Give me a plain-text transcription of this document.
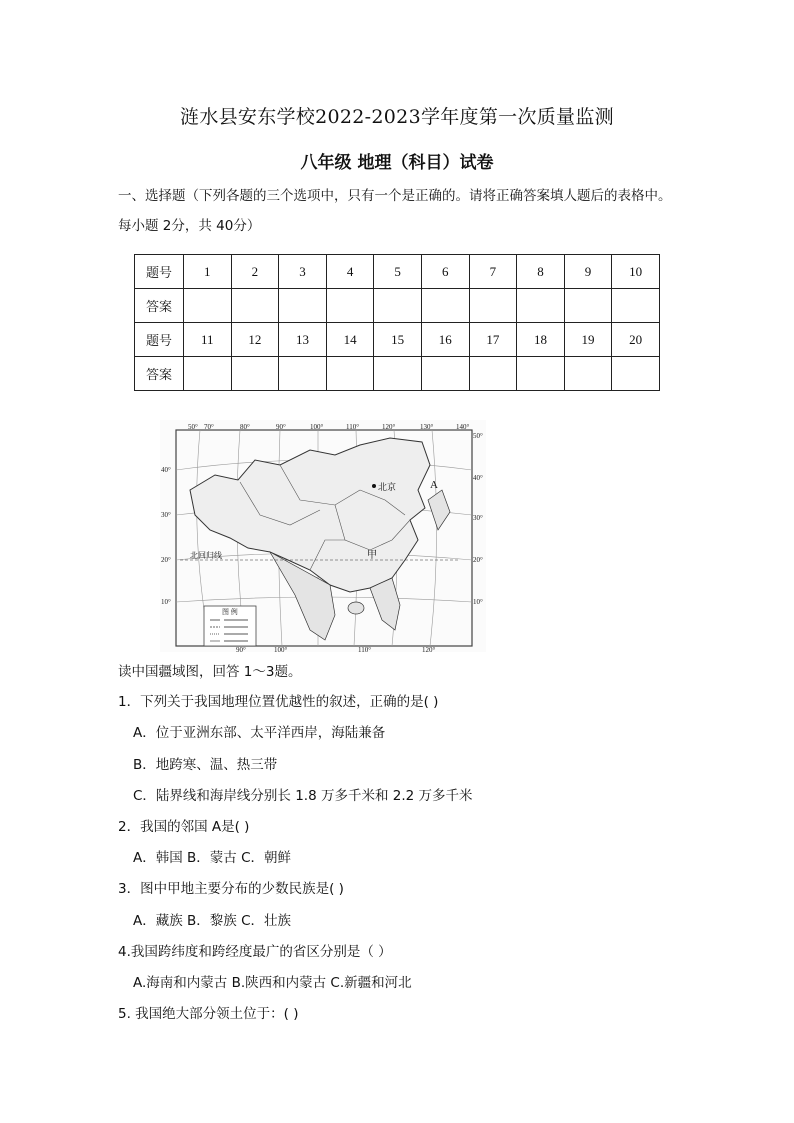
涟水县安东学校2022-2023学年度第一次质量监测
八年级 地理（科目）试卷
一、选择题（下列各题的三个选项中，只有一个是正确的。请将正确答案填人题后的表格中。
每小题 2分，共 40分）
题号	1	2	3	4	5	6	7	8	9	10
答案										
题号	11	12	13	14	15	16	17	18	19	20
答案										
图 例
50° 70°	80°	90°	100°	110°	120°	130°	140°
90°	100°	110°	120°
40°
30°
20°
10°
50°
40°
30°
20°
10°
北京	A
甲
北回归线
读中国疆域图，回答 1～3题。
1．下列关于我国地理位置优越性的叙述，正确的是( )
A．位于亚洲东部、太平洋西岸，海陆兼备
B．地跨寒、温、热三带
C．陆界线和海岸线分别长 1.8 万多千米和 2.2 万多千米
2．我国的邻国 A是( )
A．韩国 B．蒙古 C．朝鲜
3．图中甲地主要分布的少数民族是( )
A．藏族 B．黎族 C．壮族
4.我国跨纬度和跨经度最广的省区分别是（ ）
A.海南和内蒙古 B.陕西和内蒙古 C.新疆和河北
5. 我国绝大部分领土位于：( )
